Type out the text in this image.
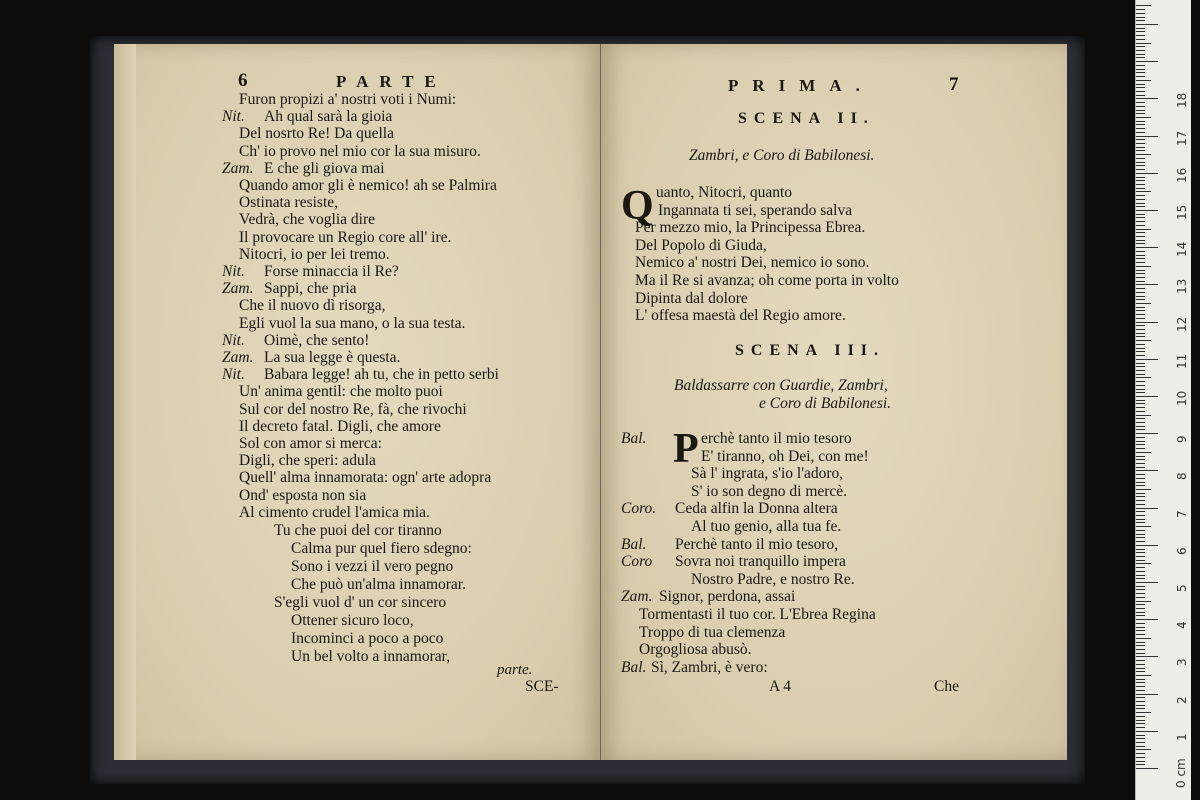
6	PARTE
Furon propizi a' nostri voti i Numi:
Nit. Ah qual sarà la gioia
Del nosrto Re! Da quella
Ch' io provo nel mio cor la sua misuro.
Zam. E che gli giova mai
Quando amor gli è nemico! ah se Palmira
Ostinata resiste,
Vedrà, che voglia dire
Il provocare un Regio core all' ire.
Nitocri, io per lei tremo.
Nit. Forse minaccia il Re?
Zam. Sappi, che pria
Che il nuovo dì risorga,
Egli vuol la sua mano, o la sua testa.
Nit. Oimè, che sento!
Zam. La sua legge è questa.
Nit. Babara legge! ah tu, che in petto serbi
Un' anima gentil: che molto puoi
Sul cor del nostro Re, fà, che rivochi
Il decreto fatal. Digli, che amore
Sol con amor si merca:
Digli, che speri: adula
Quell' alma innamorata: ogn' arte adopra
Ond' esposta non sia
Al cimento crudel l'amica mia.
Tu che puoi del cor tiranno
Calma pur quel fiero sdegno:
Sono i vezzi il vero pegno
Che può un'alma innamorar.
S'egli vuol d' un cor sincero
Ottener sicuro loco,
Incominci a poco a poco
Un bel volto a innamorar,
parte.
SCE-
PRIMA.	7
SCENA II.
Zambri, e Coro di Babilonesi.
Q uanto, Nitocri, quanto
Ingannata ti sei, sperando salva
Per mezzo mio, la Principessa Ebrea.
Del Popolo di Giuda,
Nemico a' nostri Dei, nemico io sono.
Ma il Re si avanza; oh come porta in volto
Dipinta dal dolore
L' offesa maestà del Regio amore.
SCENA III.
Baldassarre con Guardie, Zambri,
e Coro di Babilonesi.
P
Bal.	erchè tanto il mio tesoro
E' tiranno, oh Dei, con me!
Sà l' ingrata, s'io l'adoro,
S' io son degno di mercè.
Coro. Ceda alfin la Donna altera
Al tuo genio, alla tua fe.
Bal. Perchè tanto il mio tesoro,
Coro Sovra noi tranquillo impera
Nostro Padre, e nostro Re.
Zam. Signor, perdona, assai
Tormentasti il tuo cor. L'Ebrea Regina
Troppo di tua clemenza
Orgogliosa abusò.
Bal. Sì, Zambri, è vero:
A 4	Che
1
2
3
4
5
6
7
8
9
10
11
12
13
14
15
16
17
18
0 cm
